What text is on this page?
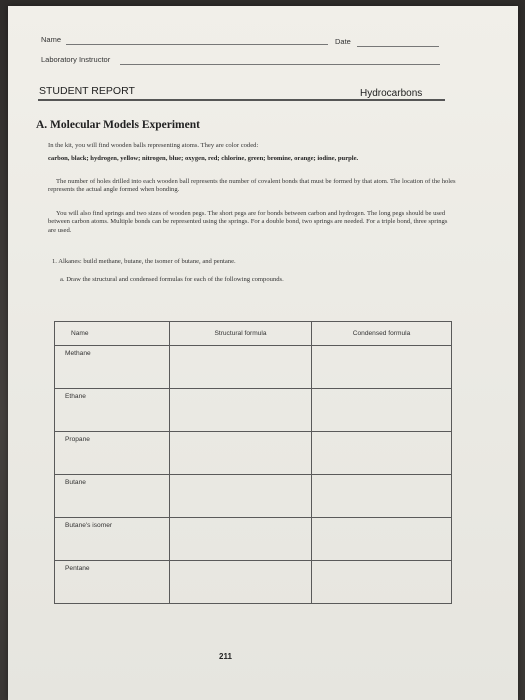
Name	Date
Laboratory Instructor
STUDENT REPORT	Hydrocarbons
A. Molecular Models Experiment
In the kit, you will find wooden balls representing atoms. They are color coded:
carbon, black; hydrogen, yellow; nitrogen, blue; oxygen, red; chlorine, green; bromine, orange; iodine, purple.
The number of holes drilled into each wooden ball represents the number of covalent bonds that must be formed by that atom. The location of the holes represents the actual angle formed when bonding.
You will also find springs and two sizes of wooden pegs. The short pegs are for bonds between carbon and hydrogen. The long pegs should be used between carbon atoms. Multiple bonds can be represented using the springs. For a double bond, two springs are needed. For a triple bond, three springs are used.
1. Alkanes: build methane, butane, the isomer of butane, and pentane.
a. Draw the structural and condensed formulas for each of the following compounds.
Name	Structural formula	Condensed formula

Methane		

Ethane		

Propane		

Butane		

Butane's isomer		

Pentane		

211
